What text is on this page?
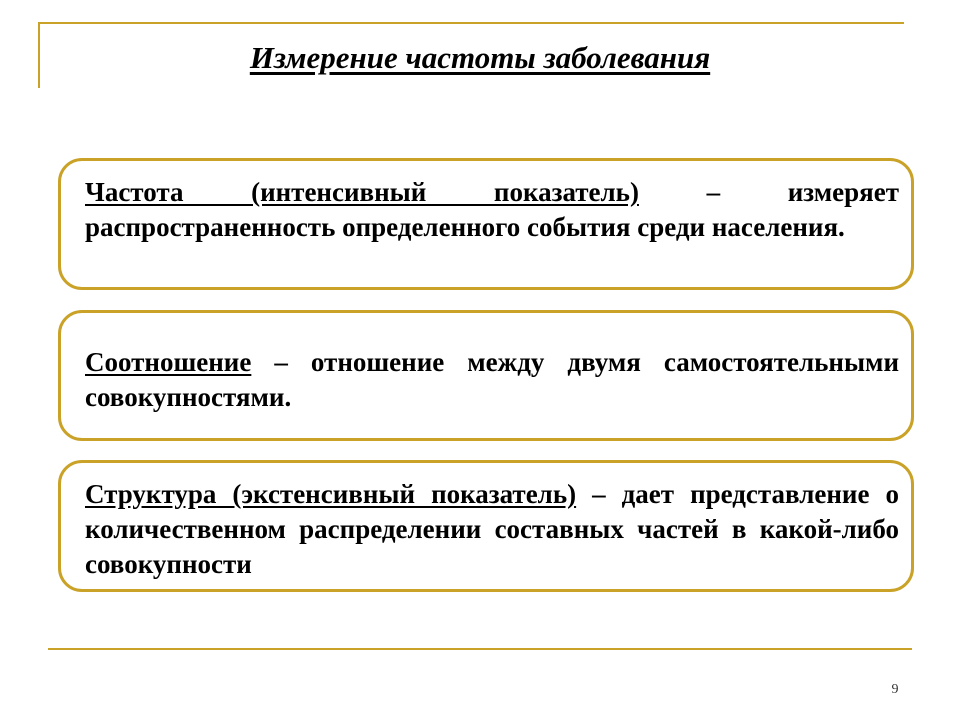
Измерение частоты заболевания

Частота (интенсивный показатель) – измеряет распространенность определенного события среди населения.

Соотношение – отношение между двумя самостоятельными совокупностями.

Структура (экстенсивный показатель) – дает представление о количественном распределении составных частей в какой-либо совокупности

9
